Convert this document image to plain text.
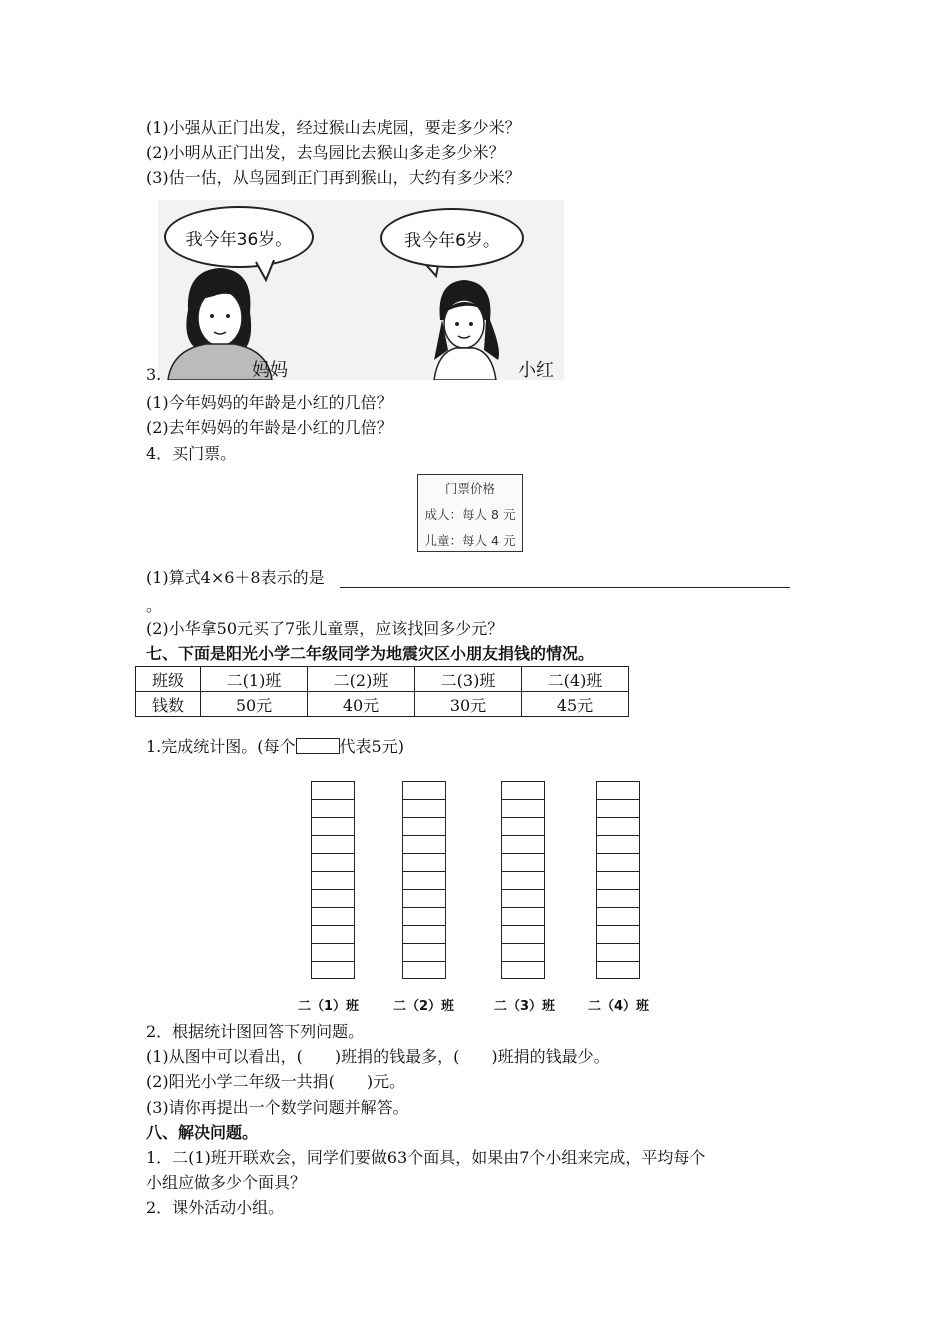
(1)小强从正门出发，经过猴山去虎园，要走多少米？
(2)小明从正门出发，去鸟园比去猴山多走多少米？
(3)估一估，从鸟园到正门再到猴山，大约有多少米？
我今年36岁。	我今年6岁。
妈妈	小红
3.
(1)今年妈妈的年龄是小红的几倍？
(2)去年妈妈的年龄是小红的几倍？
4．买门票。
门票价格
成人：每人 8 元
儿童：每人 4 元
(1)算式4×6＋8表示的是
。
(2)小华拿50元买了7张儿童票，应该找回多少元？
七、下面是阳光小学二年级同学为地震灾区小朋友捐钱的情况。
班级	二(1)班	二(2)班	二(3)班	二(4)班
钱数	50元	40元	30元	45元
1.完成统计图。(每个	代表5元)
二（1）班	二（2）班	二（3）班	二（4）班
2．根据统计图回答下列问题。
(1)从图中可以看出，(　　)班捐的钱最多，(　　)班捐的钱最少。
(2)阳光小学二年级一共捐(　　)元。
(3)请你再提出一个数学问题并解答。
八、解决问题。
1．二(1)班开联欢会，同学们要做63个面具，如果由7个小组来完成，平均每个
小组应做多少个面具？
2．课外活动小组。
